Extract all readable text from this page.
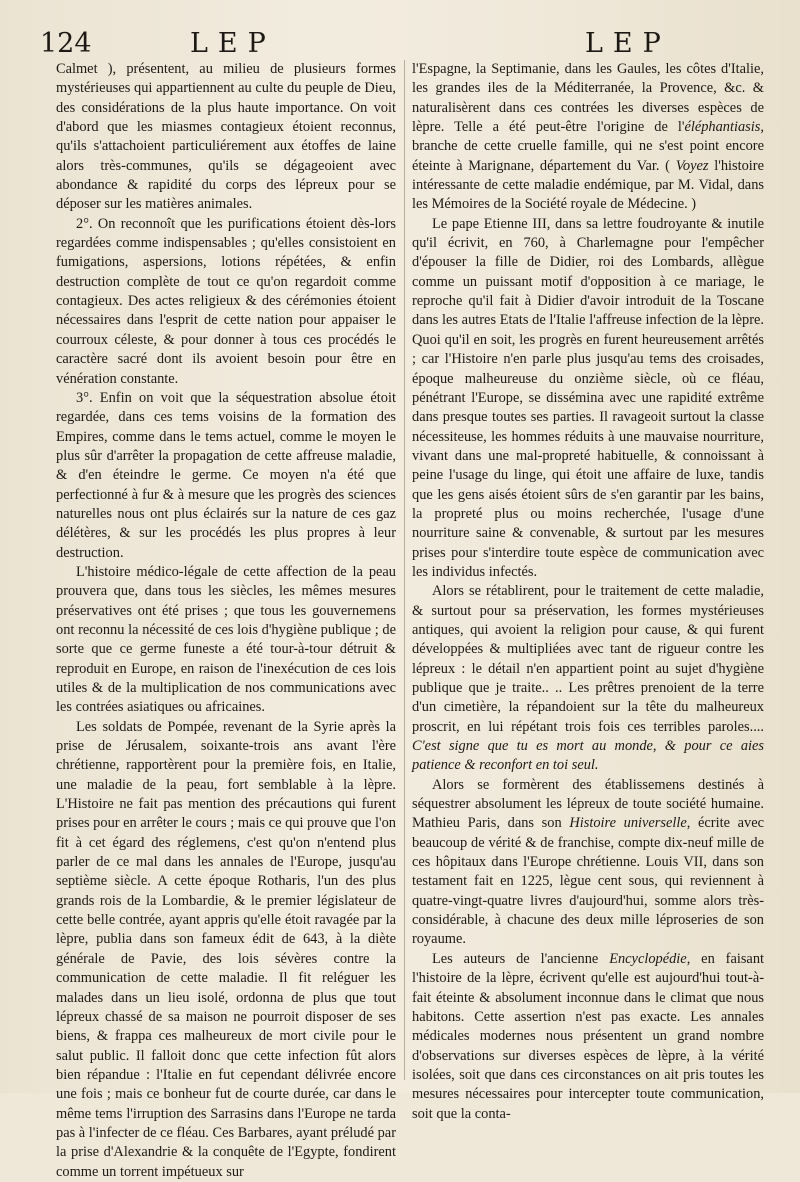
124	LEP	LEP

Calmet ), présentent, au milieu de plusieurs formes mystérieuses qui appartiennent au culte du peuple de Dieu, des considérations de la plus haute importance. On voit d'abord que les miasmes contagieux étoient reconnus, qu'ils s'attachoient particuliérement aux étoffes de laine alors très-communes, qu'ils se dégageoient avec abondance & rapidité du corps des lépreux pour se déposer sur les matières animales.

2°. On reconnoît que les purifications étoient dès-lors regardées comme indispensables ; qu'elles consistoient en fumigations, aspersions, lotions répétées, & enfin destruction complète de tout ce qu'on regardoit comme contagieux. Des actes religieux & des cérémonies étoient nécessaires dans l'esprit de cette nation pour appaiser le courroux céleste, & pour donner à tous ces procédés le caractère sacré dont ils avoient besoin pour être en vénération constante.

3°. Enfin on voit que la séquestration absolue étoit regardée, dans ces tems voisins de la formation des Empires, comme dans le tems actuel, comme le moyen le plus sûr d'arrêter la propagation de cette affreuse maladie, & d'en éteindre le germe. Ce moyen n'a été que perfectionné à fur & à mesure que les progrès des sciences naturelles nous ont plus éclairés sur la nature de ces gaz délétères, & sur les procédés les plus propres à leur destruction.

L'histoire médico-légale de cette affection de la peau prouvera que, dans tous les siècles, les mêmes mesures préservatives ont été prises ; que tous les gouvernemens ont reconnu la nécessité de ces lois d'hygiène publique ; de sorte que ce germe funeste a été tour-à-tour détruit & reproduit en Europe, en raison de l'inexécution de ces lois utiles & de la multiplication de nos communications avec les contrées asiatiques ou africaines.

Les soldats de Pompée, revenant de la Syrie après la prise de Jérusalem, soixante-trois ans avant l'ère chrétienne, rapportèrent pour la première fois, en Italie, une maladie de la peau, fort semblable à la lèpre. L'Histoire ne fait pas mention des précautions qui furent prises pour en arrêter le cours ; mais ce qui prouve que l'on fit à cet égard des réglemens, c'est qu'on n'entend plus parler de ce mal dans les annales de l'Europe, jusqu'au septième siècle. A cette époque Rotharis, l'un des plus grands rois de la Lombardie, & le premier législateur de cette belle contrée, ayant appris qu'elle étoit ravagée par la lèpre, publia dans son fameux édit de 643, à la diète générale de Pavie, des lois sévères contre la communication de cette maladie. Il fit reléguer les malades dans un lieu isolé, ordonna de plus que tout lépreux chassé de sa maison ne pourroit disposer de ses biens, & frappa ces malheureux de mort civile pour le salut public. Il falloit donc que cette infection fût alors bien répandue : l'Italie en fut cependant délivrée encore une fois ; mais ce bonheur fut de courte durée, car dans le même tems l'irruption des Sarrasins dans l'Europe ne tarda pas à l'infecter de ce fléau. Ces Barbares, ayant préludé par la prise d'Alexandrie & la conquête de l'Egypte, fondirent comme un torrent impétueux sur

l'Espagne, la Septimanie, dans les Gaules, les côtes d'Italie, les grandes iles de la Méditerranée, la Provence, &c. & naturalisèrent dans ces contrées les diverses espèces de lèpre. Telle a été peut-être l'origine de l'éléphantiasis, branche de cette cruelle famille, qui ne s'est point encore éteinte à Marignane, département du Var. ( Voyez l'histoire intéressante de cette maladie endémique, par M. Vidal, dans les Mémoires de la Société royale de Médecine. )

Le pape Etienne III, dans sa lettre foudroyante & inutile qu'il écrivit, en 760, à Charlemagne pour l'empêcher d'épouser la fille de Didier, roi des Lombards, allègue comme un puissant motif d'opposition à ce mariage, le reproche qu'il fait à Didier d'avoir introduit de la Toscane dans les autres Etats de l'Italie l'affreuse infection de la lèpre. Quoi qu'il en soit, les progrès en furent heureusement arrêtés ; car l'Histoire n'en parle plus jusqu'au tems des croisades, époque malheureuse du onzième siècle, où ce fléau, pénétrant l'Europe, se dissémina avec une rapidité extrême dans presque toutes ses parties. Il ravageoit surtout la classe nécessiteuse, les hommes réduits à une mauvaise nourriture, vivant dans une mal-propreté habituelle, & connoissant à peine l'usage du linge, qui étoit une affaire de luxe, tandis que les gens aisés étoient sûrs de s'en garantir par les bains, la propreté plus ou moins recherchée, l'usage d'une nourriture saine & convenable, & surtout par les mesures prises pour s'interdire toute espèce de communication avec les individus infectés.

Alors se rétablirent, pour le traitement de cette maladie, & surtout pour sa préservation, les formes mystérieuses antiques, qui avoient la religion pour cause, & qui furent développées & multipliées avec tant de rigueur contre les lépreux : le détail n'en appartient point au sujet d'hygiène publique que je traite.. .. Les prêtres prenoient de la terre d'un cimetière, la répandoient sur la tête du malheureux proscrit, en lui répétant trois fois ces terribles paroles.... C'est signe que tu es mort au monde, & pour ce aies patience & reconfort en toi seul.

Alors se formèrent des établissemens destinés à séquestrer absolument les lépreux de toute société humaine. Mathieu Paris, dans son Histoire universelle, écrite avec beaucoup de vérité & de franchise, compte dix-neuf mille de ces hôpitaux dans l'Europe chrétienne. Louis VII, dans son testament fait en 1225, lègue cent sous, qui reviennent à quatre-vingt-quatre livres d'aujourd'hui, somme alors très-considérable, à chacune des deux mille léproseries de son royaume.

Les auteurs de l'ancienne Encyclopédie, en faisant l'histoire de la lèpre, écrivent qu'elle est aujourd'hui tout-à-fait éteinte & absolument inconnue dans le climat que nous habitons. Cette assertion n'est pas exacte. Les annales médicales modernes nous présentent un grand nombre d'observations sur diverses espèces de lèpre, à la vérité isolées, soit que dans ces circonstances on ait pris toutes les mesures nécessaires pour intercepter toute communication, soit que la conta-
